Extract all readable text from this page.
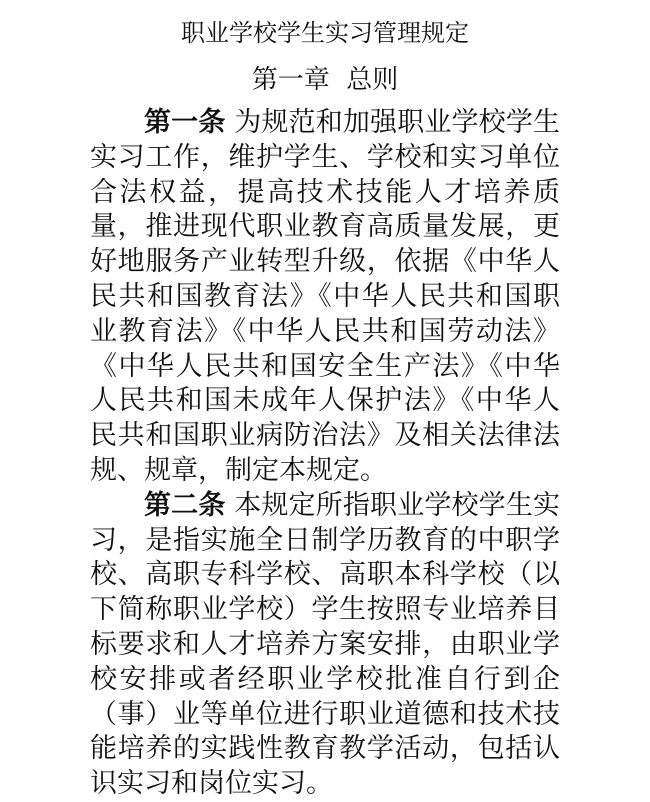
职业学校学生实习管理规定
第一章  总则

第一条 为规范和加强职业学校学生实习工作，维护学生、学校和实习单位合法权益，提高技术技能人才培养质量，推进现代职业教育高质量发展，更好地服务产业转型升级，依据《中华人民共和国教育法》《中华人民共和国职业教育法》《中华人民共和国劳动法》《中华人民共和国安全生产法》《中华人民共和国未成年人保护法》《中华人民共和国职业病防治法》及相关法律法规、规章，制定本规定。

第二条 本规定所指职业学校学生实习，是指实施全日制学历教育的中职学校、高职专科学校、高职本科学校（以下简称职业学校）学生按照专业培养目标要求和人才培养方案安排，由职业学校安排或者经职业学校批准自行到企（事）业等单位进行职业道德和技术技能培养的实践性教育教学活动，包括认识实习和岗位实习。
